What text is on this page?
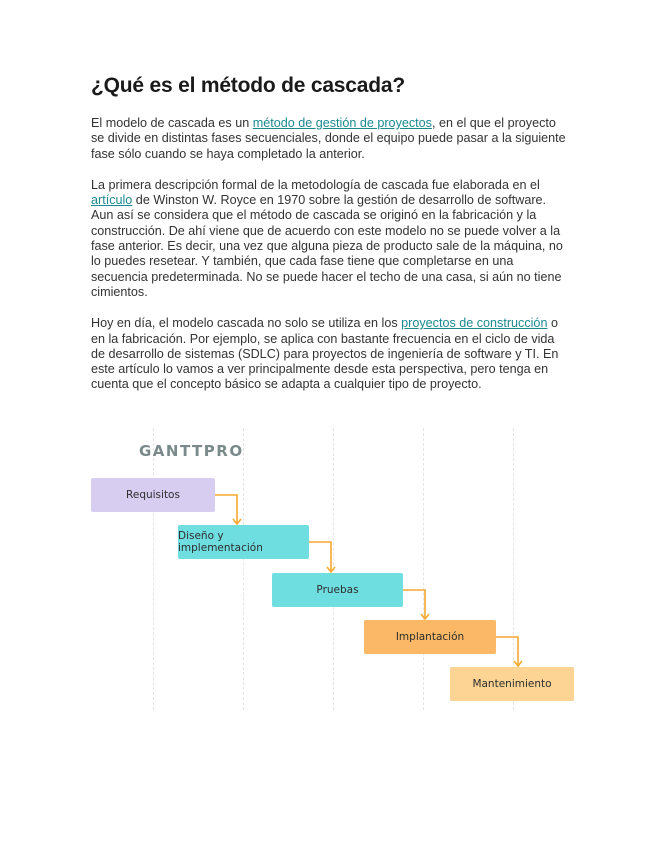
¿Qué es el método de cascada?

El modelo de cascada es un método de gestión de proyectos, en el que el proyecto se divide en distintas fases secuenciales, donde el equipo puede pasar a la siguiente fase sólo cuando se haya completado la anterior.

La primera descripción formal de la metodología de cascada fue elaborada en el artículo de Winston W. Royce en 1970 sobre la gestión de desarrollo de software. Aun así se considera que el método de cascada se originó en la fabricación y la construcción. De ahí viene que de acuerdo con este modelo no se puede volver a la fase anterior. Es decir, una vez que alguna pieza de producto sale de la máquina, no lo puedes resetear. Y también, que cada fase tiene que completarse en una secuencia predeterminada. No se puede hacer el techo de una casa, si aún no tiene cimientos.

Hoy en día, el modelo cascada no solo se utiliza en los proyectos de construcción o en la fabricación. Por ejemplo, se aplica con bastante frecuencia en el ciclo de vida de desarrollo de sistemas (SDLC) para proyectos de ingeniería de software y TI. En este artículo lo vamos a ver principalmente desde esta perspectiva, pero tenga en cuenta que el concepto básico se adapta a cualquier tipo de proyecto.

GANTTPRO
Requisitos
Diseño y implementación
Pruebas
Implantación
Mantenimiento
